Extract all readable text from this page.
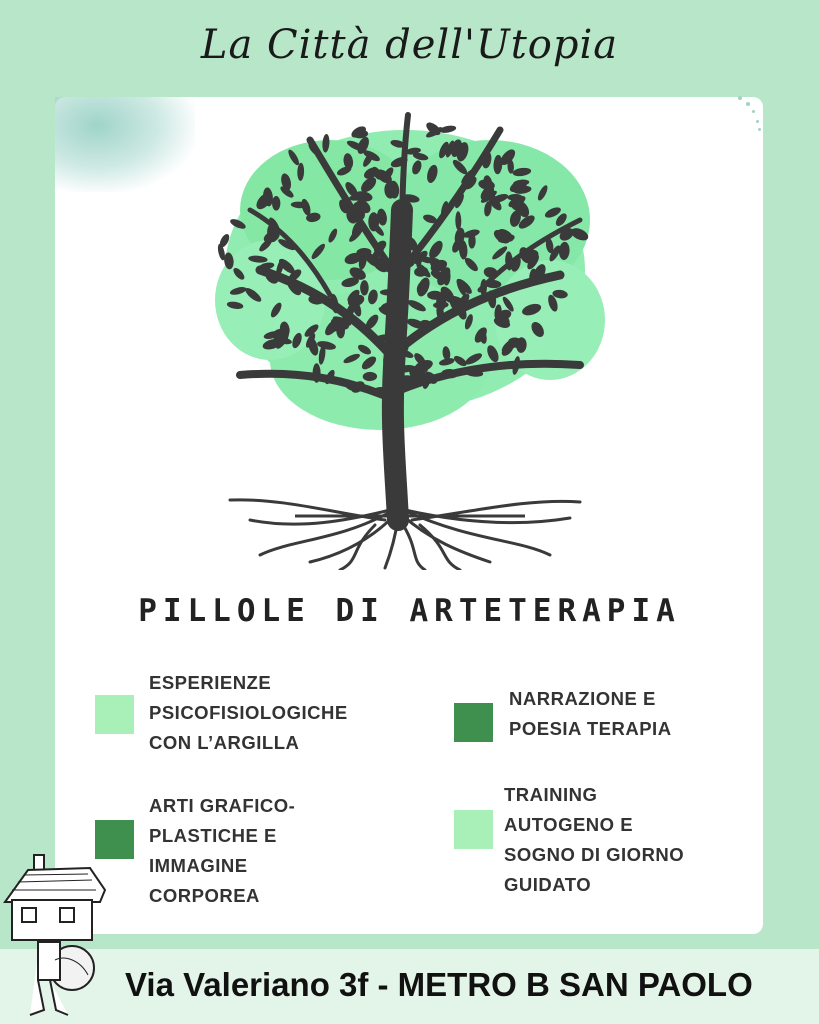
La Città dell'Utopia
PILLOLE DI ARTETERAPIA
ESPERIENZE
PSICOFISIOLOGICHE
CON L’ARGILLA
NARRAZIONE E
POESIA TERAPIA
ARTI GRAFICO-
PLASTICHE E
IMMAGINE
CORPOREA
TRAINING
AUTOGENO E
SOGNO DI GIORNO
GUIDATO
Via Valeriano 3f - METRO B SAN PAOLO
